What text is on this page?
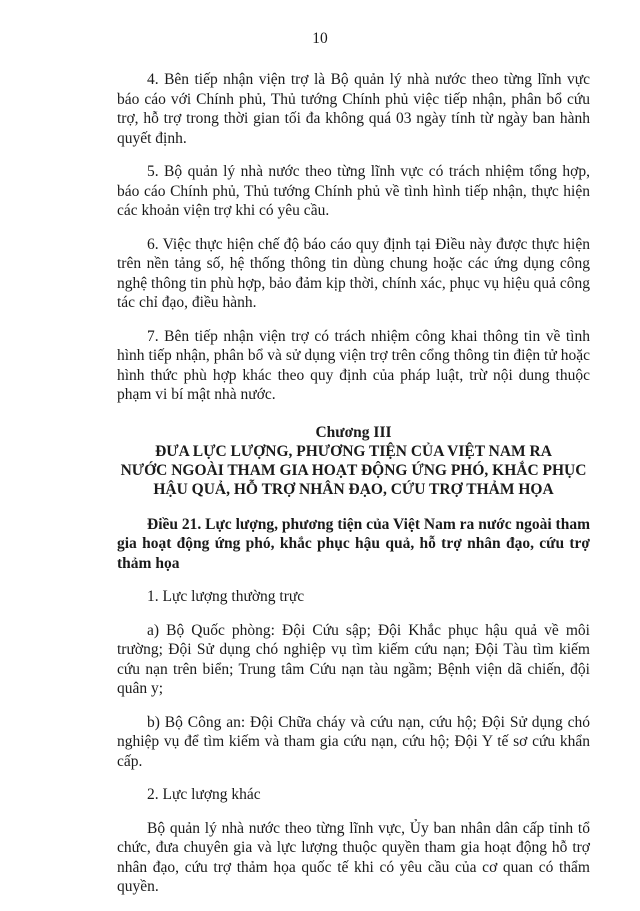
10

4. Bên tiếp nhận viện trợ là Bộ quản lý nhà nước theo từng lĩnh vực báo cáo với Chính phủ, Thủ tướng Chính phủ việc tiếp nhận, phân bổ cứu trợ, hỗ trợ trong thời gian tối đa không quá 03 ngày tính từ ngày ban hành quyết định.

5. Bộ quản lý nhà nước theo từng lĩnh vực có trách nhiệm tổng hợp, báo cáo Chính phủ, Thủ tướng Chính phủ về tình hình tiếp nhận, thực hiện các khoản viện trợ khi có yêu cầu.

6. Việc thực hiện chế độ báo cáo quy định tại Điều này được thực hiện trên nền tảng số, hệ thống thông tin dùng chung hoặc các ứng dụng công nghệ thông tin phù hợp, bảo đảm kịp thời, chính xác, phục vụ hiệu quả công tác chỉ đạo, điều hành.

7. Bên tiếp nhận viện trợ có trách nhiệm công khai thông tin về tình hình tiếp nhận, phân bổ và sử dụng viện trợ trên cổng thông tin điện tử hoặc hình thức phù hợp khác theo quy định của pháp luật, trừ nội dung thuộc phạm vi bí mật nhà nước.

Chương III
ĐƯA LỰC LƯỢNG, PHƯƠNG TIỆN CỦA VIỆT NAM RA
NƯỚC NGOÀI THAM GIA HOẠT ĐỘNG ỨNG PHÓ, KHẮC PHỤC
HẬU QUẢ, HỖ TRỢ NHÂN ĐẠO, CỨU TRỢ THẢM HỌA

Điều 21. Lực lượng, phương tiện của Việt Nam ra nước ngoài tham gia hoạt động ứng phó, khắc phục hậu quả, hỗ trợ nhân đạo, cứu trợ thảm họa

1. Lực lượng thường trực

a) Bộ Quốc phòng: Đội Cứu sập; Đội Khắc phục hậu quả về môi trường; Đội Sử dụng chó nghiệp vụ tìm kiếm cứu nạn; Đội Tàu tìm kiếm cứu nạn trên biển; Trung tâm Cứu nạn tàu ngầm; Bệnh viện dã chiến, đội quân y;

b) Bộ Công an: Đội Chữa cháy và cứu nạn, cứu hộ; Đội Sử dụng chó nghiệp vụ để tìm kiếm và tham gia cứu nạn, cứu hộ; Đội Y tế sơ cứu khẩn cấp.

2. Lực lượng khác

Bộ quản lý nhà nước theo từng lĩnh vực, Ủy ban nhân dân cấp tỉnh tổ chức, đưa chuyên gia và lực lượng thuộc quyền tham gia hoạt động hỗ trợ nhân đạo, cứu trợ thảm họa quốc tế khi có yêu cầu của cơ quan có thẩm quyền.
